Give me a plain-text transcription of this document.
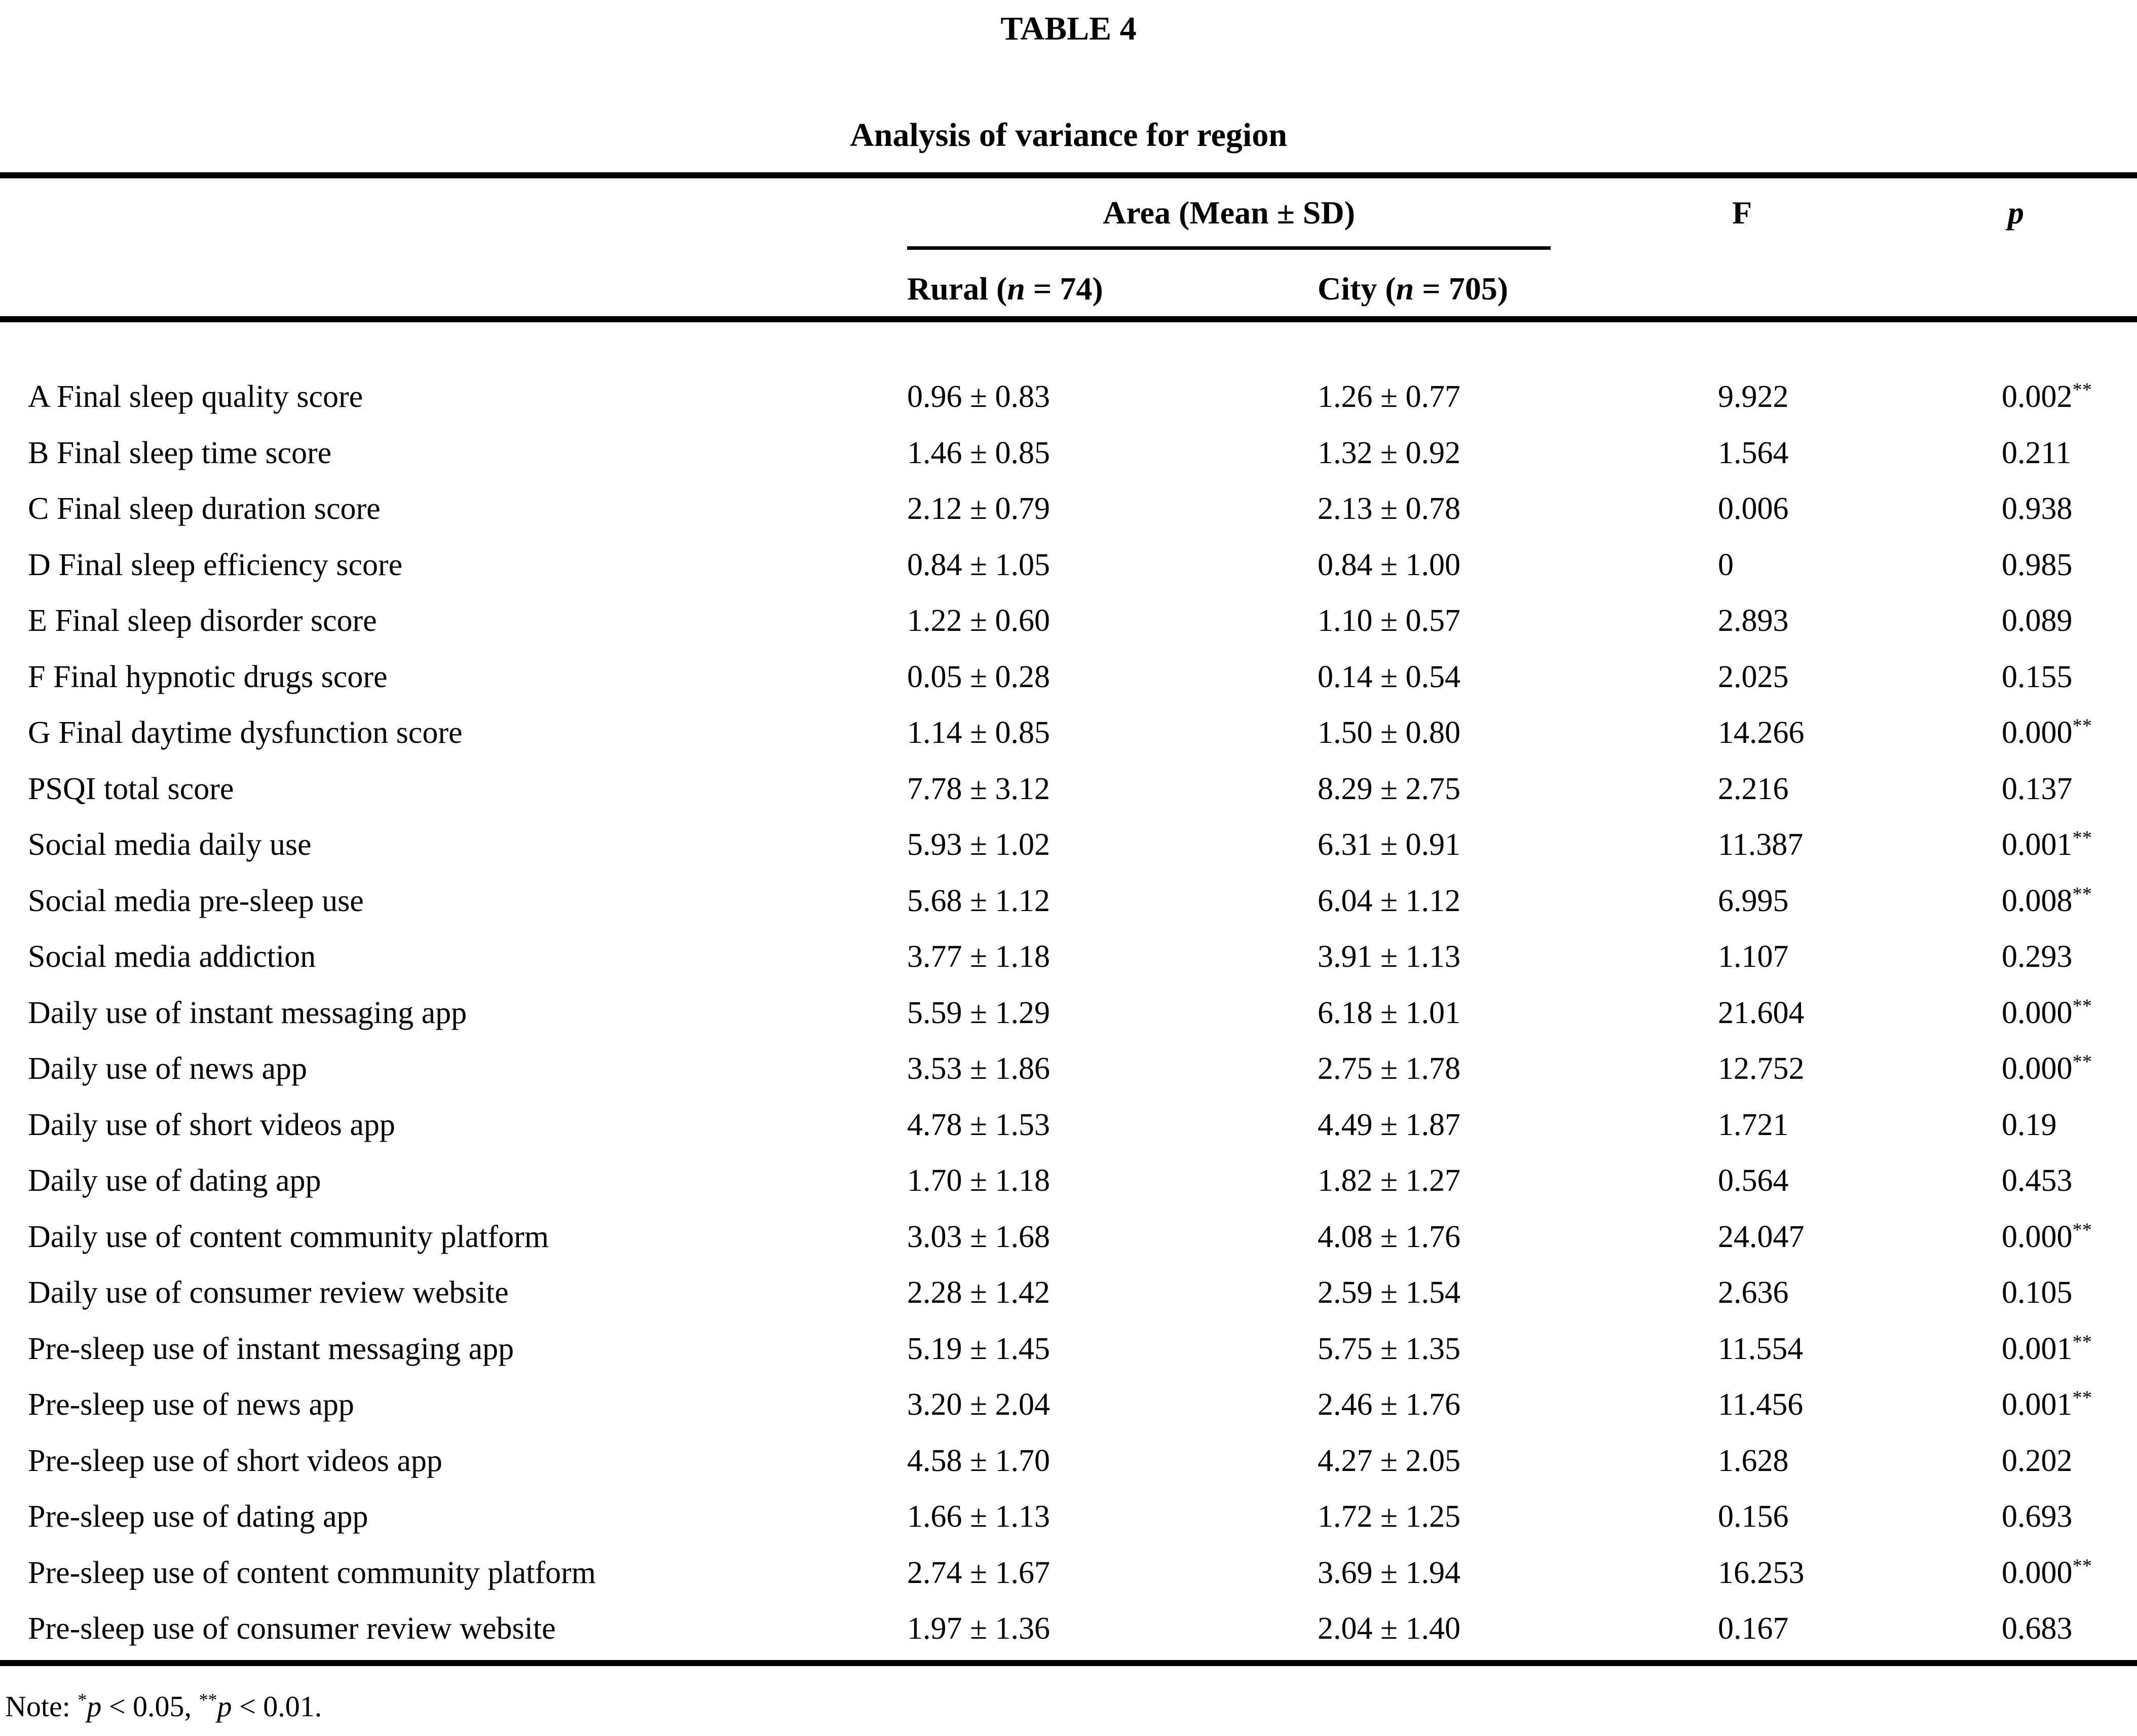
TABLE 4
Analysis of variance for region
Area (Mean ± SD)	F	p
Rural (n = 74)	City (n = 705)
A Final sleep quality score	0.96 ± 0.83	1.26 ± 0.77	9.922	0.002**
B Final sleep time score	1.46 ± 0.85	1.32 ± 0.92	1.564	0.211
C Final sleep duration score	2.12 ± 0.79	2.13 ± 0.78	0.006	0.938
D Final sleep efficiency score	0.84 ± 1.05	0.84 ± 1.00	0	0.985
E Final sleep disorder score	1.22 ± 0.60	1.10 ± 0.57	2.893	0.089
F Final hypnotic drugs score	0.05 ± 0.28	0.14 ± 0.54	2.025	0.155
G Final daytime dysfunction score	1.14 ± 0.85	1.50 ± 0.80	14.266	0.000**
PSQI total score	7.78 ± 3.12	8.29 ± 2.75	2.216	0.137
Social media daily use	5.93 ± 1.02	6.31 ± 0.91	11.387	0.001**
Social media pre-sleep use	5.68 ± 1.12	6.04 ± 1.12	6.995	0.008**
Social media addiction	3.77 ± 1.18	3.91 ± 1.13	1.107	0.293
Daily use of instant messaging app	5.59 ± 1.29	6.18 ± 1.01	21.604	0.000**
Daily use of news app	3.53 ± 1.86	2.75 ± 1.78	12.752	0.000**
Daily use of short videos app	4.78 ± 1.53	4.49 ± 1.87	1.721	0.19
Daily use of dating app	1.70 ± 1.18	1.82 ± 1.27	0.564	0.453
Daily use of content community platform	3.03 ± 1.68	4.08 ± 1.76	24.047	0.000**
Daily use of consumer review website	2.28 ± 1.42	2.59 ± 1.54	2.636	0.105
Pre-sleep use of instant messaging app	5.19 ± 1.45	5.75 ± 1.35	11.554	0.001**
Pre-sleep use of news app	3.20 ± 2.04	2.46 ± 1.76	11.456	0.001**
Pre-sleep use of short videos app	4.58 ± 1.70	4.27 ± 2.05	1.628	0.202
Pre-sleep use of dating app	1.66 ± 1.13	1.72 ± 1.25	0.156	0.693
Pre-sleep use of content community platform	2.74 ± 1.67	3.69 ± 1.94	16.253	0.000**
Pre-sleep use of consumer review website	1.97 ± 1.36	2.04 ± 1.40	0.167	0.683
Note: *p < 0.05, **p < 0.01.
